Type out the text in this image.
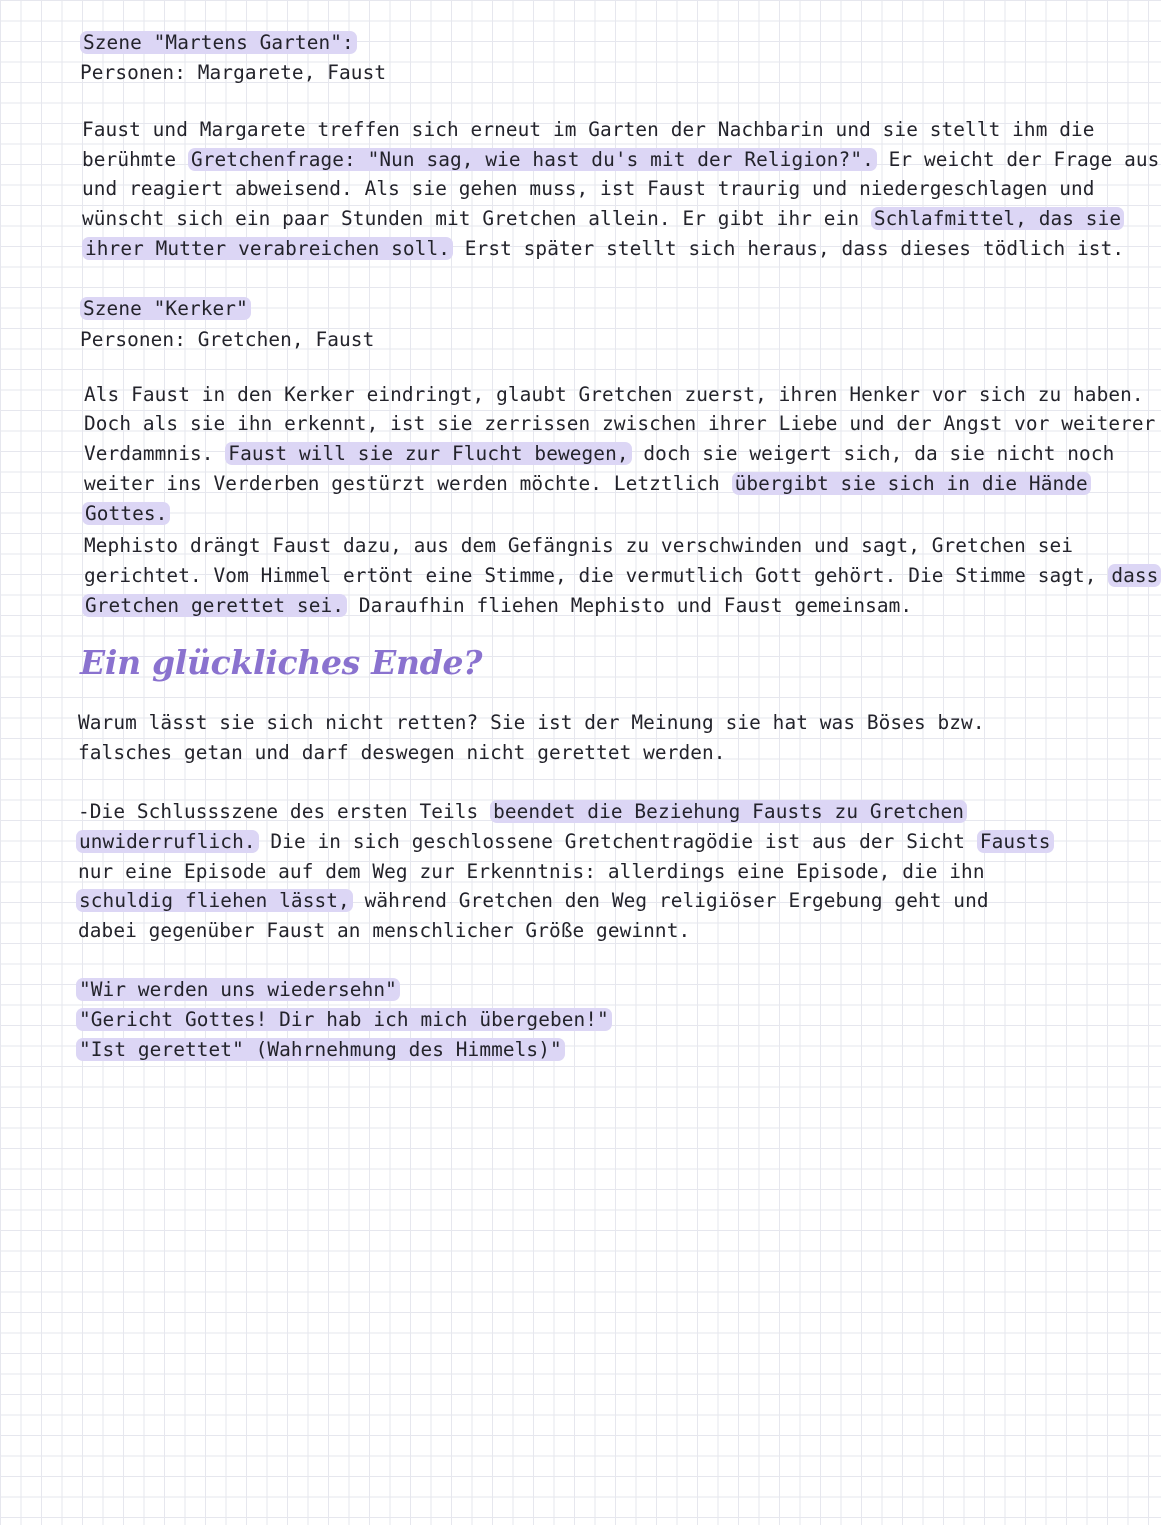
Szene "Martens Garten":

Personen: Margarete, Faust

Faust und Margarete treffen sich erneut im Garten der Nachbarin und sie stellt ihm die

berühmte Gretchenfrage: "Nun sag, wie hast du's mit der Religion?". Er weicht der Frage aus

und reagiert abweisend. Als sie gehen muss, ist Faust traurig und niedergeschlagen und

wünscht sich ein paar Stunden mit Gretchen allein. Er gibt ihr ein Schlafmittel, das sie

ihrer Mutter verabreichen soll. Erst später stellt sich heraus, dass dieses tödlich ist.

Szene "Kerker"

Personen: Gretchen, Faust

Als Faust in den Kerker eindringt, glaubt Gretchen zuerst, ihren Henker vor sich zu haben.

Doch als sie ihn erkennt, ist sie zerrissen zwischen ihrer Liebe und der Angst vor weiterer

Verdammnis. Faust will sie zur Flucht bewegen, doch sie weigert sich, da sie nicht noch

weiter ins Verderben gestürzt werden möchte. Letztlich übergibt sie sich in die Hände

Gottes.

Mephisto drängt Faust dazu, aus dem Gefängnis zu verschwinden und sagt, Gretchen sei

gerichtet. Vom Himmel ertönt eine Stimme, die vermutlich Gott gehört. Die Stimme sagt, dass

Gretchen gerettet sei. Daraufhin fliehen Mephisto und Faust gemeinsam.

Ein glückliches Ende?

Warum lässt sie sich nicht retten? Sie ist der Meinung sie hat was Böses bzw.

falsches getan und darf deswegen nicht gerettet werden.

-Die Schlussszene des ersten Teils beendet die Beziehung Fausts zu Gretchen

unwiderruflich. Die in sich geschlossene Gretchentragödie ist aus der Sicht Fausts

nur eine Episode auf dem Weg zur Erkenntnis: allerdings eine Episode, die ihn

schuldig fliehen lässt, während Gretchen den Weg religiöser Ergebung geht und

dabei gegenüber Faust an menschlicher Größe gewinnt.

"Wir werden uns wiedersehn"

"Gericht Gottes! Dir hab ich mich übergeben!"

"Ist gerettet" (Wahrnehmung des Himmels)"
